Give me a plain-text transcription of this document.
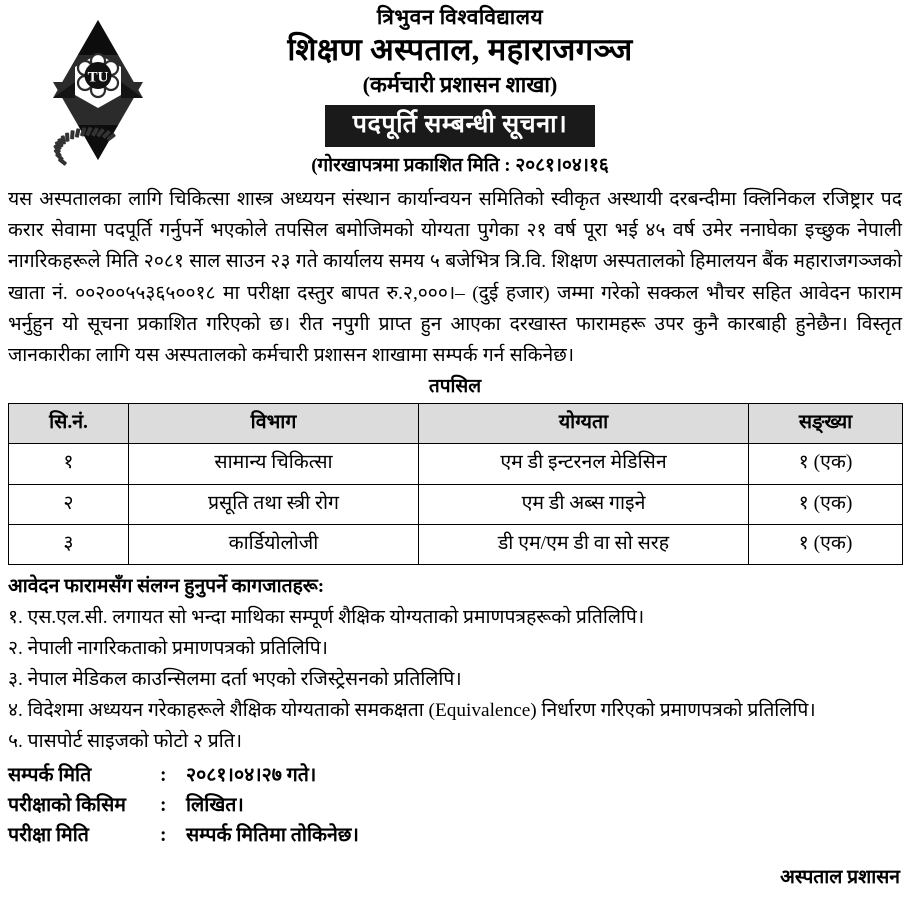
TU
त्रिभुवन विश्वविद्यालय
शिक्षण अस्पताल, महाराजगञ्ज
(कर्मचारी प्रशासन शाखा)
पदपूर्ति सम्बन्धी सूचना।
(गोरखापत्रमा प्रकाशित मिति : २०८१।०४।१६
यस अस्पतालका लागि चिकित्सा शास्त्र अध्ययन संस्थान कार्यान्वयन समितिको स्वीकृत अस्थायी दरबन्दीमा क्लिनिकल रजिष्ट्रार पद करार सेवामा पदपूर्ति गर्नुपर्ने भएकोले तपसिल बमोजिमको योग्यता पुगेका २१ वर्ष पूरा भई ४५ वर्ष उमेर ननाघेका इच्छुक नेपाली नागरिकहरूले मिति २०८१ साल साउन २३ गते कार्यालय समय ५ बजेभित्र त्रि.वि. शिक्षण अस्पतालको हिमालयन बैंक महाराजगञ्जको खाता नं. ००२००५५३६५००१८ मा परीक्षा दस्तुर बापत रु.२,०००।– (दुई हजार) जम्मा गरेको सक्कल भौचर सहित आवेदन फाराम भर्नुहुन यो सूचना प्रकाशित गरिएको छ। रीत नपुगी प्राप्त हुन आएका दरखास्त फारामहरू उपर कुनै कारबाही हुनेछैन। विस्तृत जानकारीका लागि यस अस्पतालको कर्मचारी प्रशासन शाखामा सम्पर्क गर्न सकिनेछ।
तपसिल
सि.नं.	विभाग	योग्यता	सङ्ख्या
१	सामान्य चिकित्सा	एम डी इन्टरनल मेडिसिन	१ (एक)
२	प्रसूति तथा स्त्री रोग	एम डी अब्स गाइने	१ (एक)
३	कार्डियोलोजी	डी एम/एम डी वा सो सरह	१ (एक)
आवेदन फाराम‌सँग संलग्न हुनुपर्ने कागजातहरू:
१. एस.एल.सी. लगायत सो भन्दा माथिका सम्पूर्ण शैक्षिक योग्यताको प्रमाणपत्रहरूको प्रतिलिपि।
२. नेपाली नागरिकताको प्रमाणपत्रको प्रतिलिपि।
३. नेपाल मेडिकल काउन्सिलमा दर्ता भएको रजिस्ट्रेसनको प्रतिलिपि।
४. विदेशमा अध्ययन गरेकाहरूले शैक्षिक योग्यताको समकक्षता (Equivalence) निर्धारण गरिएको प्रमाणपत्रको प्रतिलिपि।
५. पासपोर्ट साइजको फोटो २ प्रति।
सम्पर्क मिति	:	२०८१।०४।२७ गते।
परीक्षाको किसिम	:	लिखित।
परीक्षा मिति	:	सम्पर्क मितिमा तोकिनेछ।
अस्पताल प्रशासन
